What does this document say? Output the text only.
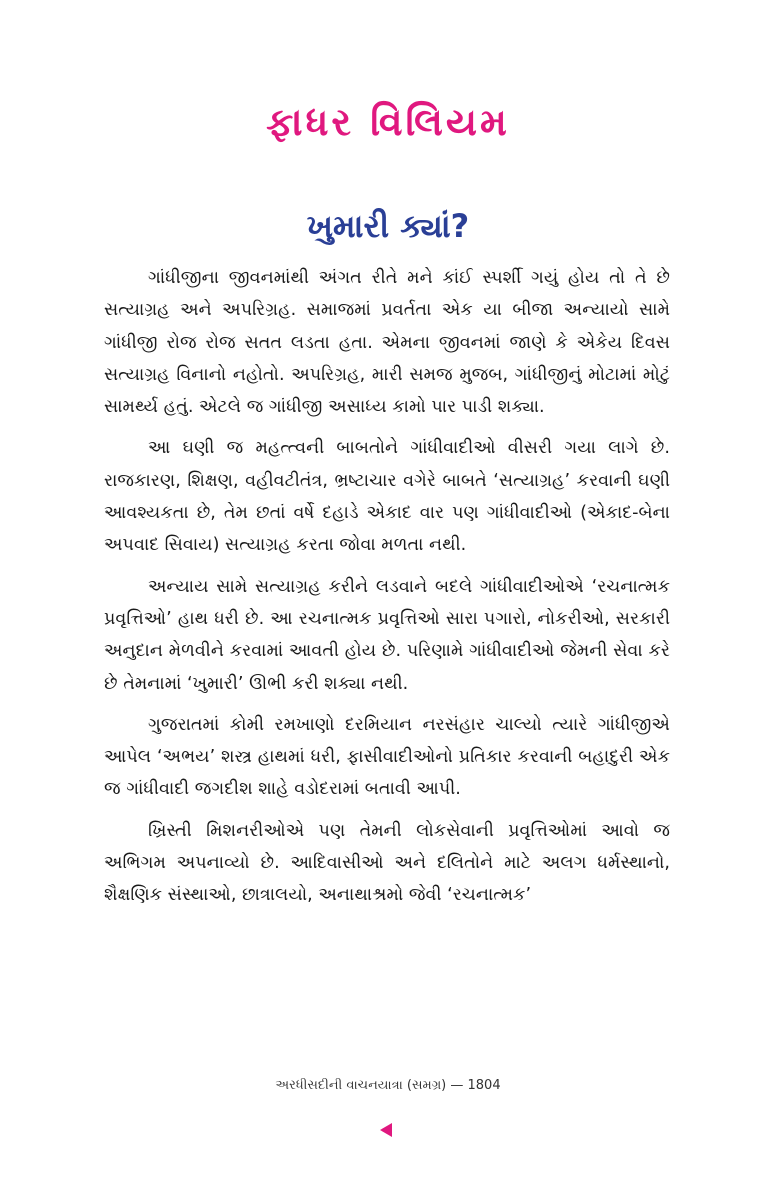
ફાધર વિલિયમ
ખુમારી ક્યાં?

ગાંધીજીના જીવનમાંથી અંગત રીતે મને કાંઈ સ્પર્શી ગયું હોય તો તે છે સત્યાગ્રહ અને અપરિગ્રહ. સમાજમાં પ્રવર્તતા એક યા બીજા અન્યાયો સામે ગાંધીજી રોજ રોજ સતત લડતા હતા. એમના જીવનમાં જાણે કે એકેય દિવસ સત્યાગ્રહ વિનાનો નહોતો. અપરિગ્રહ, મારી સમજ મુજબ, ગાંધીજીનું મોટામાં મોટું સામર્થ્ય હતું. એટલે જ ગાંધીજી અસાધ્ય કામો પાર પાડી શક્યા.

આ ઘણી જ મહત્ત્વની બાબતોને ગાંધીવાદીઓ વીસરી ગયા લાગે છે. રાજકારણ, શિક્ષણ, વહીવટીતંત્ર, ભ્રષ્ટાચાર વગેરે બાબતે ‘સત્યાગ્રહ’ કરવાની ઘણી આવશ્યકતા છે, તેમ છતાં વર્ષે દહાડે એકાદ વાર પણ ગાંધીવાદીઓ (એકાદ-બેના અપવાદ સિવાય) સત્યાગ્રહ કરતા જોવા મળતા નથી.

અન્યાય સામે સત્યાગ્રહ કરીને લડવાને બદલે ગાંધીવાદીઓએ ‘રચનાત્મક પ્રવૃત્તિઓ’ હાથ ધરી છે. આ રચનાત્મક પ્રવૃત્તિઓ સારા પગારો, નોકરીઓ, સરકારી અનુદાન મેળવીને કરવામાં આવતી હોય છે. પરિણામે ગાંધીવાદીઓ જેમની સેવા કરે છે તેમનામાં ‘ખુમારી’ ઊભી કરી શક્યા નથી.

ગુજરાતમાં કોમી રમખાણો દરમિયાન નરસંહાર ચાલ્યો ત્યારે ગાંધીજીએ આપેલ ‘અભય’ શસ્ત્ર હાથમાં ધરી, ફાસીવાદીઓનો પ્રતિકાર કરવાની બહાદુરી એક જ ગાંધીવાદી જગદીશ શાહે વડોદરામાં બતાવી આપી.

ખ્રિસ્તી મિશનરીઓએ પણ તેમની લોકસેવાની પ્રવૃત્તિઓમાં આવો જ અભિગમ અપનાવ્યો છે. આદિવાસીઓ અને દલિતોને માટે અલગ ધર્મસ્થાનો, શૈક્ષણિક સંસ્થાઓ, છાત્રાલયો, અનાથાશ્રમો જેવી ‘રચનાત્મક’

અરધીસદીની વાચનયાત્રા (સમગ્ર) — 1804
